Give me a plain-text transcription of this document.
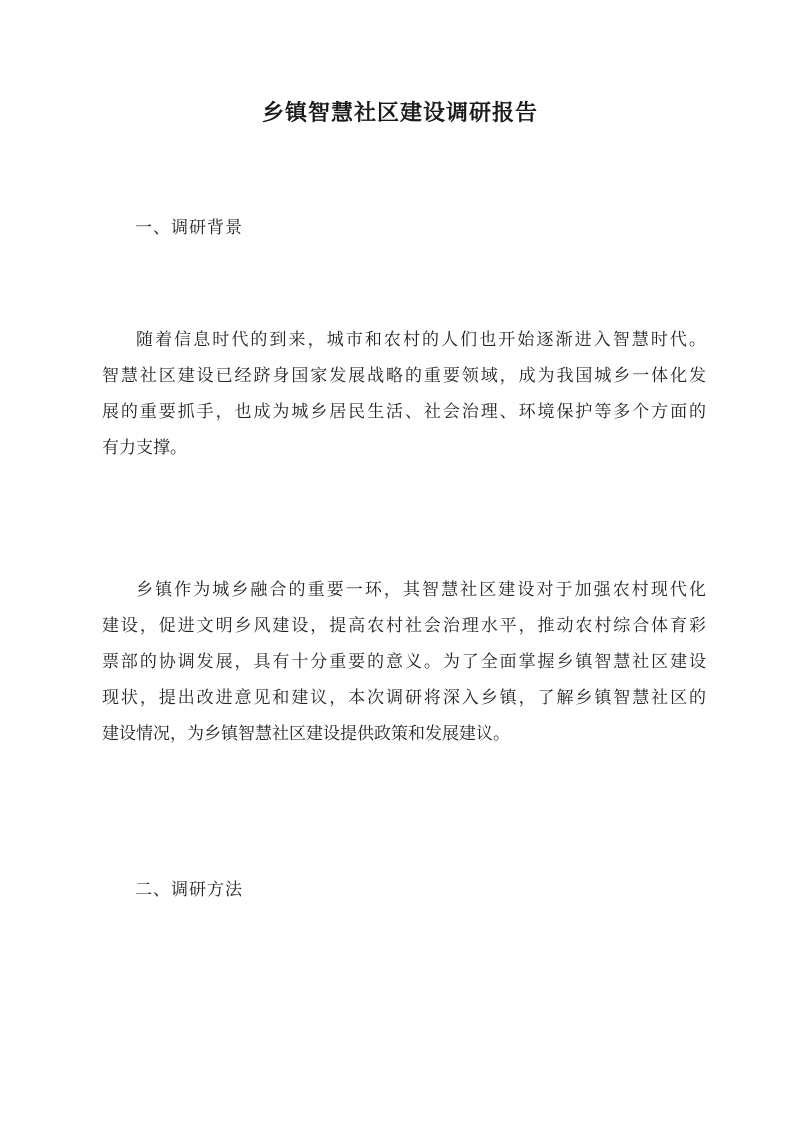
乡镇智慧社区建设调研报告
一、调研背景

随着信息时代的到来，城市和农村的人们也开始逐渐进入智慧时代。
智慧社区建设已经跻身国家发展战略的重要领域，成为我国城乡一体化发
展的重要抓手，也成为城乡居民生活、社会治理、环境保护等多个方面的
有力支撑。

乡镇作为城乡融合的重要一环，其智慧社区建设对于加强农村现代化
建设，促进文明乡风建设，提高农村社会治理水平，推动农村综合体育彩
票部的协调发展，具有十分重要的意义。为了全面掌握乡镇智慧社区建设
现状，提出改进意见和建议，本次调研将深入乡镇，了解乡镇智慧社区的
建设情况，为乡镇智慧社区建设提供政策和发展建议。

二、调研方法
